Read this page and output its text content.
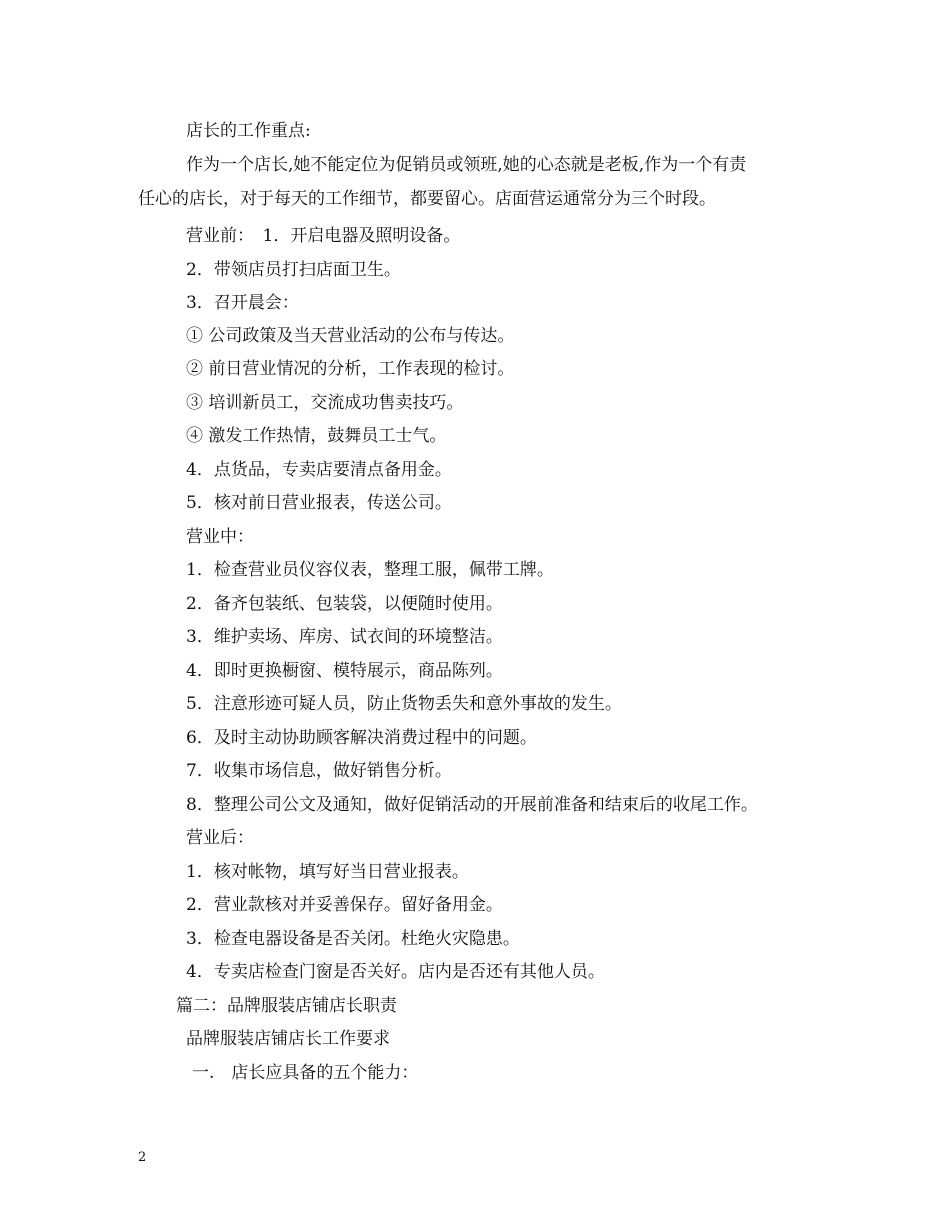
店长的工作重点:
作为一个店长,她不能定位为促销员或领班,她的心态就是老板,作为一个有责
任心的店长，对于每天的工作细节，都要留心。店面营运通常分为三个时段。
营业前：　1．开启电器及照明设备。
2．带领店员打扫店面卫生。
3．召开晨会：
① 公司政策及当天营业活动的公布与传达。
② 前日营业情况的分析，工作表现的检讨。
③ 培训新员工，交流成功售卖技巧。
④ 激发工作热情，鼓舞员工士气。
4．点货品，专卖店要清点备用金。
5．核对前日营业报表，传送公司。
营业中：
1．检查营业员仪容仪表，整理工服，佩带工牌。
2．备齐包装纸、包装袋，以便随时使用。
3．维护卖场、库房、试衣间的环境整洁。
4．即时更换橱窗、模特展示，商品陈列。
5．注意形迹可疑人员，防止货物丢失和意外事故的发生。
6．及时主动协助顾客解决消费过程中的问题。
7．收集市场信息，做好销售分析。
8．整理公司公文及通知，做好促销活动的开展前准备和结束后的收尾工作。
营业后：
1．核对帐物，填写好当日营业报表。
2．营业款核对并妥善保存。留好备用金。
3．检查电器设备是否关闭。杜绝火灾隐患。
4．专卖店检查门窗是否关好。店内是否还有其他人员。
篇二：品牌服装店铺店长职责
品牌服装店铺店长工作要求
一.　店长应具备的五个能力：
2
